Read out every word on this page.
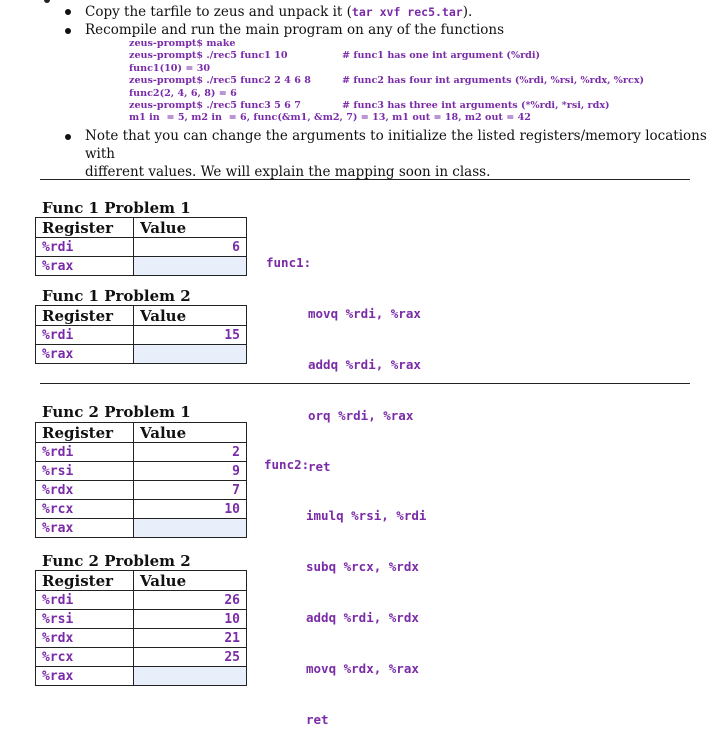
Copy the tarfile to zeus and unpack it (tar xvf rec5.tar).
Recompile and run the main program on any of the functions
zeus-prompt$ make
zeus-prompt$ ./rec5 func1 10	# func1 has one int argument (%rdi)
func1(10) = 30
zeus-prompt$ ./rec5 func2 2 4 6 8	# func2 has four int arguments (%rdi, %rsi, %rdx, %rcx)
func2(2, 4, 6, 8) = 6
zeus-prompt$ ./rec5 func3 5 6 7	# func3 has three int arguments (*%rdi, *rsi, rdx)
m1 in  = 5, m2 in  = 6, func(&m1, &m2, 7) = 13, m1 out = 18, m2 out = 42
Note that you can change the arguments to initialize the listed registers/memory locations with
different values. We will explain the mapping soon in class.
Func 1 Problem 1
Register	Value
%rdi	6
%rax	
Func 1 Problem 2
Register	Value
%rdi	15
%rax	

func1:

movq %rdi, %rax

addq %rdi, %rax

orq %rdi, %rax

ret

Func 2 Problem 1
Register	Value
%rdi	2
%rsi	9
%rdx	7
%rcx	10
%rax	

func2:

imulq %rsi, %rdi

subq %rcx, %rdx

addq %rdi, %rdx

movq %rdx, %rax

ret

Func 2 Problem 2
Register	Value
%rdi	26
%rsi	10
%rdx	21
%rcx	25
%rax	
